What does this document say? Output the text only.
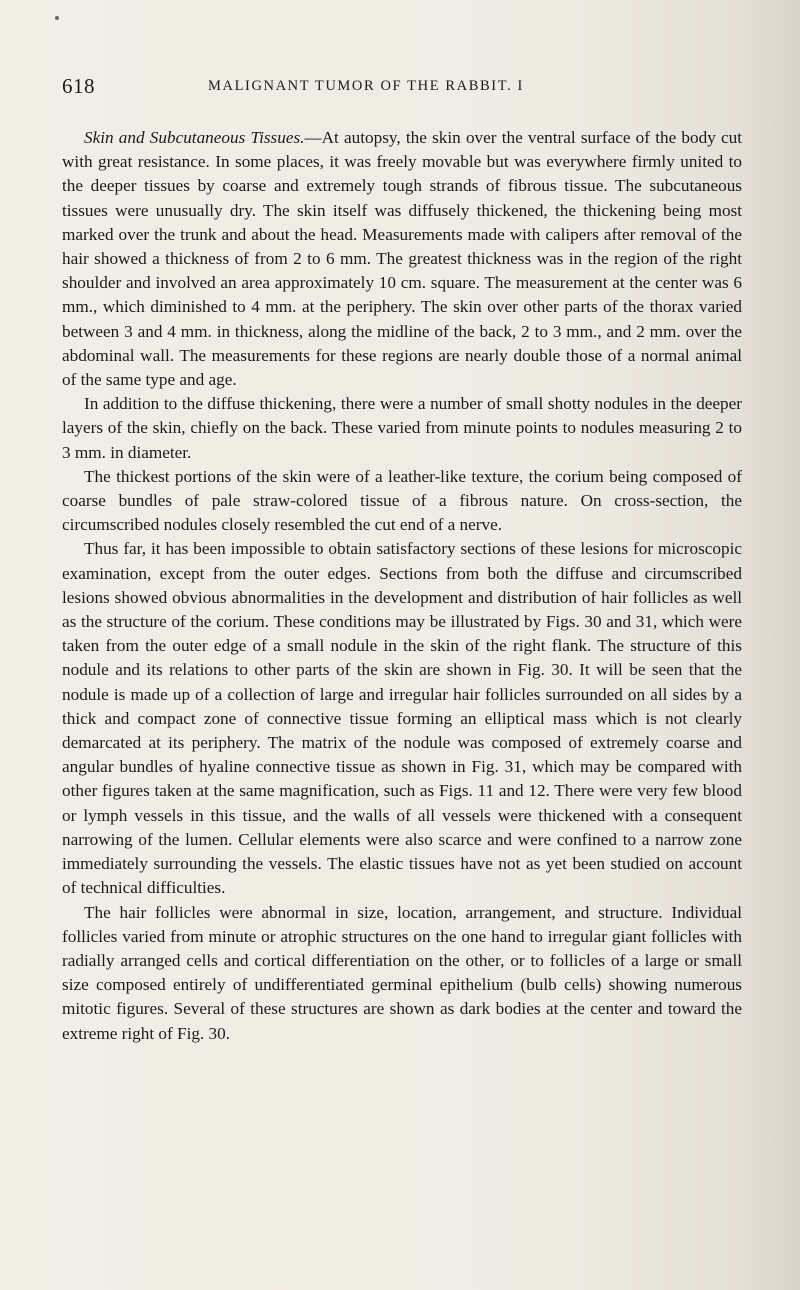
618	MALIGNANT TUMOR OF THE RABBIT. I

Skin and Subcutaneous Tissues.—At autopsy, the skin over the ventral surface of the body cut with great resistance. In some places, it was freely movable but was everywhere firmly united to the deeper tissues by coarse and extremely tough strands of fibrous tissue. The subcutaneous tissues were unusually dry. The skin itself was diffusely thickened, the thickening being most marked over the trunk and about the head. Measurements made with calipers after removal of the hair showed a thickness of from 2 to 6 mm. The greatest thickness was in the region of the right shoulder and involved an area approximately 10 cm. square. The measurement at the center was 6 mm., which diminished to 4 mm. at the periphery. The skin over other parts of the thorax varied between 3 and 4 mm. in thickness, along the midline of the back, 2 to 3 mm., and 2 mm. over the abdominal wall. The measurements for these regions are nearly double those of a normal animal of the same type and age.

In addition to the diffuse thickening, there were a number of small shotty nodules in the deeper layers of the skin, chiefly on the back. These varied from minute points to nodules measuring 2 to 3 mm. in diameter.

The thickest portions of the skin were of a leather-like texture, the corium being composed of coarse bundles of pale straw-colored tissue of a fibrous nature. On cross-section, the circumscribed nodules closely resembled the cut end of a nerve.

Thus far, it has been impossible to obtain satisfactory sections of these lesions for microscopic examination, except from the outer edges. Sections from both the diffuse and circumscribed lesions showed obvious abnormalities in the development and distribution of hair follicles as well as the structure of the corium. These conditions may be illustrated by Figs. 30 and 31, which were taken from the outer edge of a small nodule in the skin of the right flank. The structure of this nodule and its relations to other parts of the skin are shown in Fig. 30. It will be seen that the nodule is made up of a collection of large and irregular hair follicles surrounded on all sides by a thick and compact zone of connective tissue forming an elliptical mass which is not clearly demarcated at its periphery. The matrix of the nodule was composed of extremely coarse and angular bundles of hyaline connective tissue as shown in Fig. 31, which may be compared with other figures taken at the same magnification, such as Figs. 11 and 12. There were very few blood or lymph vessels in this tissue, and the walls of all vessels were thickened with a consequent narrowing of the lumen. Cellular elements were also scarce and were confined to a narrow zone immediately surrounding the vessels. The elastic tissues have not as yet been studied on account of technical difficulties.

The hair follicles were abnormal in size, location, arrangement, and structure. Individual follicles varied from minute or atrophic structures on the one hand to irregular giant follicles with radially arranged cells and cortical differentiation on the other, or to follicles of a large or small size composed entirely of undifferentiated germinal epithelium (bulb cells) showing numerous mitotic figures. Several of these structures are shown as dark bodies at the center and toward the extreme right of Fig. 30.
